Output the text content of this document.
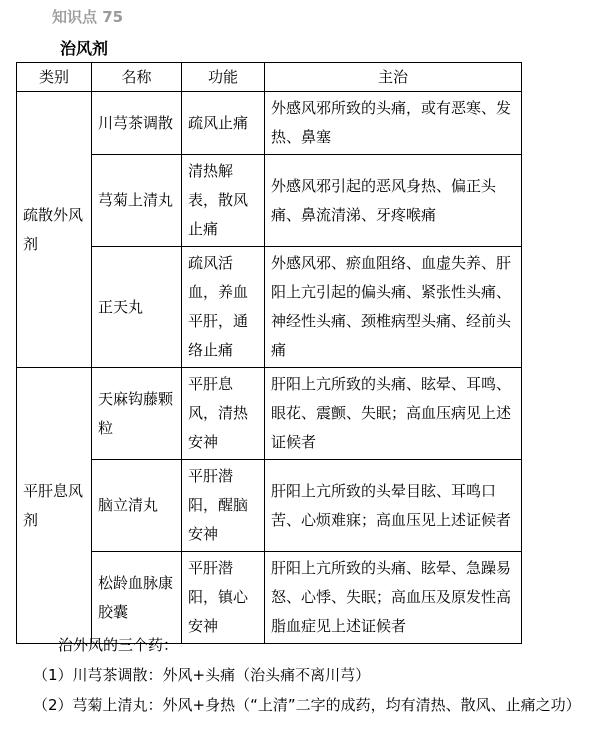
知识点 75
治风剂
类别	名称	功能	主治
疏散外风剂	川芎茶调散	疏风止痛	外感风邪所致的头痛，或有恶寒、发热、鼻塞
	芎菊上清丸	清热解表，散风止痛	外感风邪引起的恶风身热、偏正头痛、鼻流清涕、牙疼喉痛
	正天丸	疏风活血，养血平肝，通络止痛	外感风邪、瘀血阻络、血虚失养、肝阳上亢引起的偏头痛、紧张性头痛、神经性头痛、颈椎病型头痛、经前头痛
平肝息风剂	天麻钩藤颗粒	平肝息风，清热安神	肝阳上亢所致的头痛、眩晕、耳鸣、眼花、震颤、失眠；高血压病见上述证候者
	脑立清丸	平肝潜阳，醒脑安神	肝阳上亢所致的头晕目眩、耳鸣口苦、心烦难寐；高血压见上述证候者
	松龄血脉康胶囊	平肝潜阳，镇心安神	肝阳上亢所致的头痛、眩晕、急躁易怒、心悸、失眠；高血压及原发性高脂血症见上述证候者

治外风的三个药：

（1）川芎茶调散：外风+头痛（治头痛不离川芎）

（2）芎菊上清丸：外风+身热（“上清”二字的成药，均有清热、散风、止痛之功）
